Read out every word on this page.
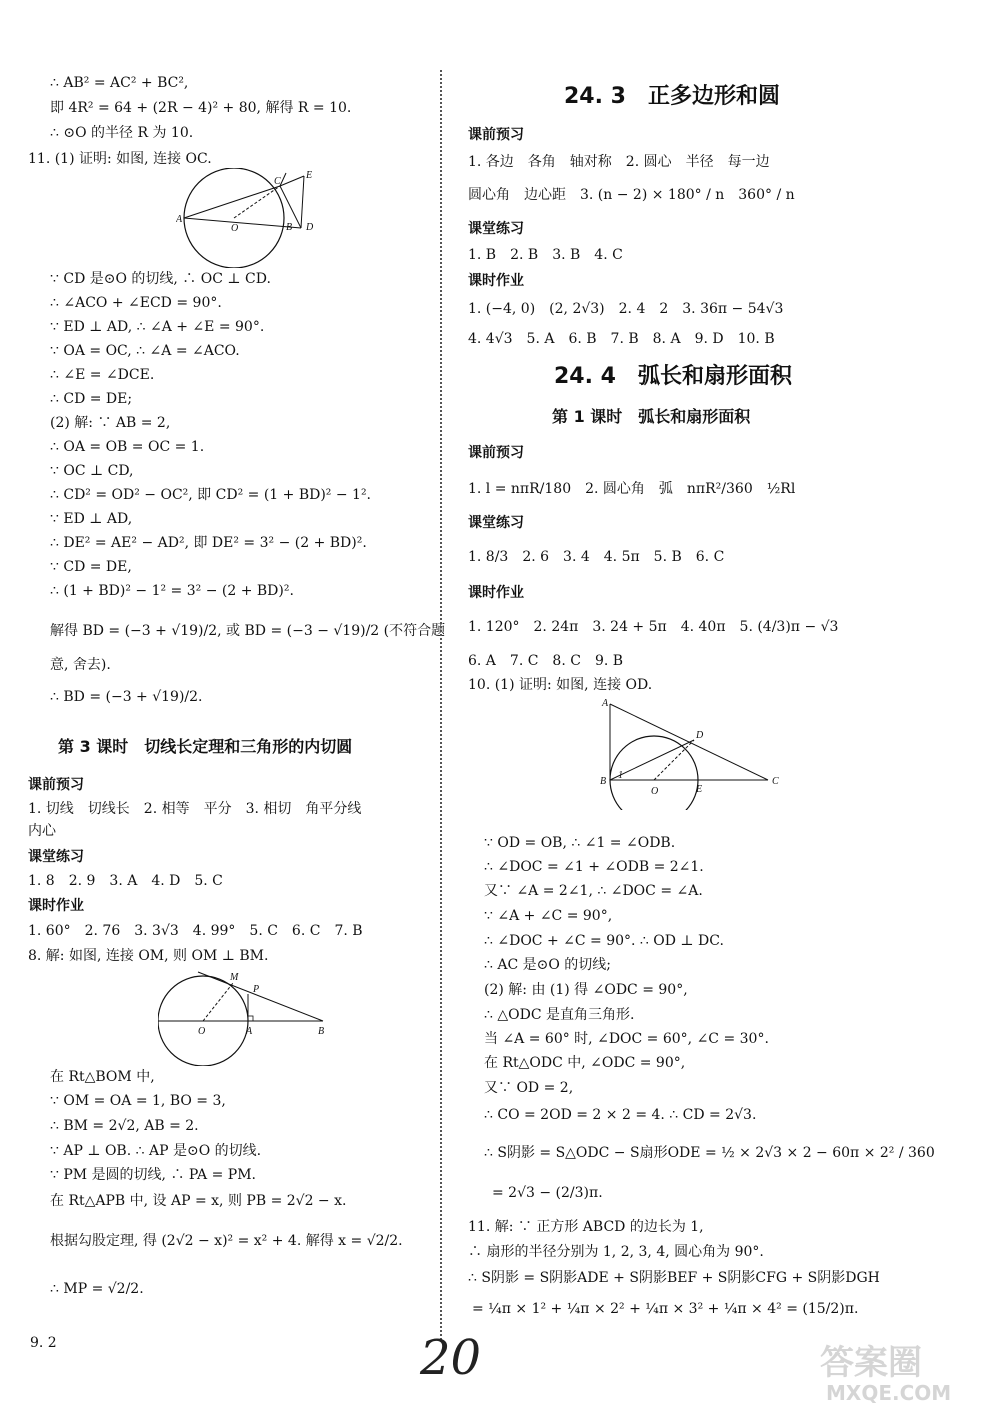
∴ AB² = AC² + BC²,
即 4R² = 64 + (2R − 4)² + 80, 解得 R = 10.
∴ ⊙O 的半径 R 为 10.
11. (1) 证明: 如图, 连接 OC.
A
O
C
E
B D
∵ CD 是⊙O 的切线, ∴ OC ⊥ CD.
∴ ∠ACO + ∠ECD = 90°.
∵ ED ⊥ AD, ∴ ∠A + ∠E = 90°.
∵ OA = OC, ∴ ∠A = ∠ACO.
∴ ∠E = ∠DCE.
∴ CD = DE;
(2) 解: ∵ AB = 2,
∴ OA = OB = OC = 1.
∵ OC ⊥ CD,
∴ CD² = OD² − OC², 即 CD² = (1 + BD)² − 1².
∵ ED ⊥ AD,
∴ DE² = AE² − AD², 即 DE² = 3² − (2 + BD)².
∵ CD = DE,
∴ (1 + BD)² − 1² = 3² − (2 + BD)².
解得 BD = (−3 + √19)/2, 或 BD = (−3 − √19)/2 (不符合题
意, 舍去).
∴ BD = (−3 + √19)/2.
第 3 课时　切线长定理和三角形的内切圆
课前预习
1. 切线　切线长　2. 相等　平分　3. 相切　角平分线
内心
课堂练习
1. 8　2. 9　3. A　4. D　5. C
课时作业
1. 60°　2. 76　3. 3√3　4. 99°　5. C　6. C　7. B
8. 解: 如图, 连接 OM, 则 OM ⊥ BM.
M
P
O	A	B
在 Rt△BOM 中,
∵ OM = OA = 1, BO = 3,
∴ BM = 2√2, AB = 2.
∵ AP ⊥ OB. ∴ AP 是⊙O 的切线.
∵ PM 是圆的切线, ∴ PA = PM.
在 Rt△APB 中, 设 AP = x, 则 PB = 2√2 − x.
根据勾股定理, 得 (2√2 − x)² = x² + 4. 解得 x = √2/2.
∴ MP = √2/2.
9. 2
24. 3　正多边形和圆
课前预习
1. 各边　各角　轴对称　2. 圆心　半径　每一边
圆心角　边心距　3. (n − 2) × 180° / n　360° / n
课堂练习
1. B　2. B　3. B　4. C
课时作业
1. (−4, 0)　(2, 2√3)　2. 4　2　3. 36π − 54√3
4. 4√3　5. A　6. B　7. B　8. A　9. D　10. B
24. 4　弧长和扇形面积
第 1 课时　弧长和扇形面积
课前预习
1. l = nπR/180　2. 圆心角　弧　nπR²/360　½Rl
课堂练习
1. 8/3　2. 6　3. 4　4. 5π　5. B　6. C
课时作业
1. 120°　2. 24π　3. 24 + 5π　4. 40π　5. (4/3)π − √3
6. A　7. C　8. C　9. B
10. (1) 证明: 如图, 连接 OD.
A
D
B
1
O	E
C
∵ OD = OB, ∴ ∠1 = ∠ODB.
∴ ∠DOC = ∠1 + ∠ODB = 2∠1.
又∵ ∠A = 2∠1, ∴ ∠DOC = ∠A.
∵ ∠A + ∠C = 90°,
∴ ∠DOC + ∠C = 90°. ∴ OD ⊥ DC.
∴ AC 是⊙O 的切线;
(2) 解: 由 (1) 得 ∠ODC = 90°,
∴ △ODC 是直角三角形.
当 ∠A = 60° 时, ∠DOC = 60°, ∠C = 30°.
在 Rt△ODC 中, ∠ODC = 90°,
又∵ OD = 2,
∴ CO = 2OD = 2 × 2 = 4. ∴ CD = 2√3.
∴ S阴影 = S△ODC − S扇形ODE = ½ × 2√3 × 2 − 60π × 2² / 360
= 2√3 − (2/3)π.
11. 解: ∵ 正方形 ABCD 的边长为 1,
∴ 扇形的半径分别为 1, 2, 3, 4, 圆心角为 90°.
∴ S阴影 = S阴影ADE + S阴影BEF + S阴影CFG + S阴影DGH
= ¼π × 1² + ¼π × 2² + ¼π × 3² + ¼π × 4² = (15/2)π.
20	答案圈
MXQE.COM
